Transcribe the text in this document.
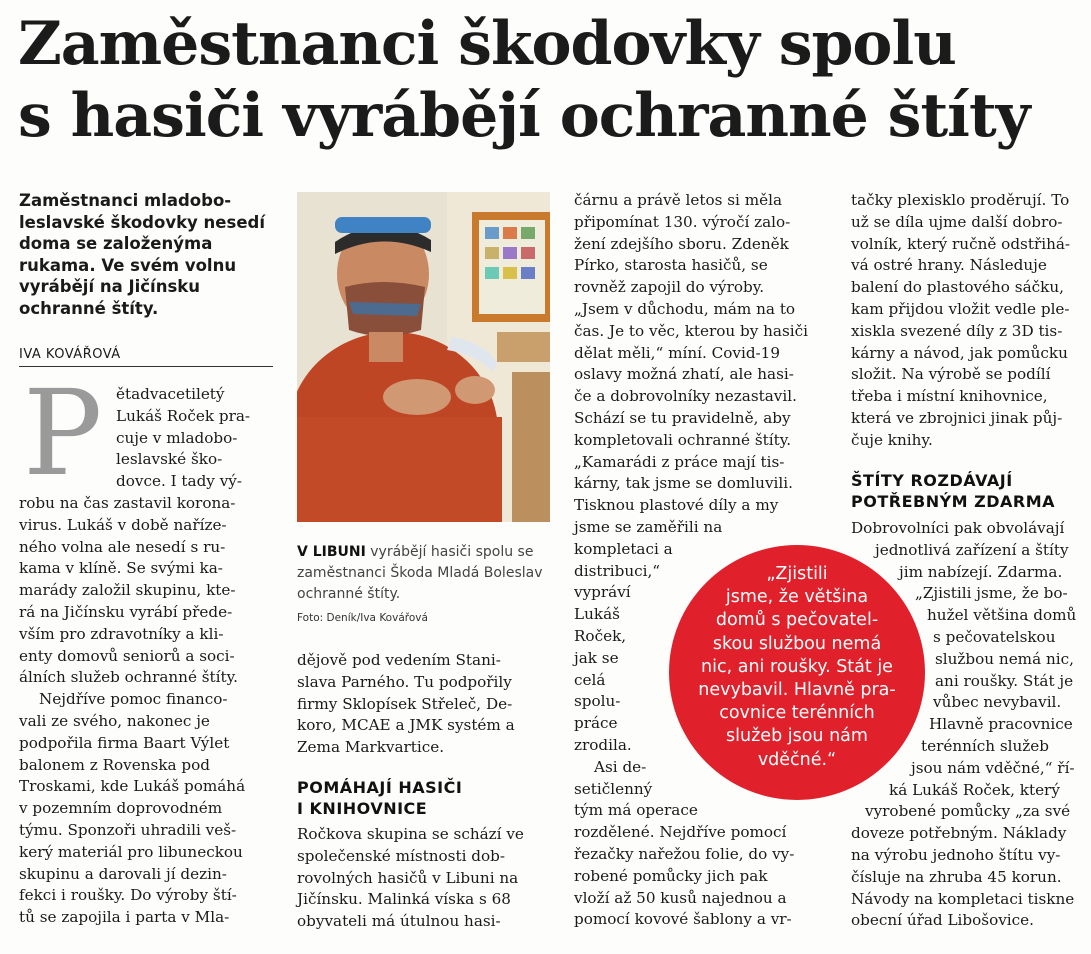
Zaměstnanci škodovky spolu
s hasiči vyrábějí ochranné štíty
Zaměstnanci mladobo-
leslavské škodovky nesedí
doma se založenýma
rukama. Ve svém volnu
vyrábějí na Jičínsku
ochranné štíty.
IVA KOVÁŘOVÁ
P ětadvacetiletý
Lukáš Roček pra-
cuje v mladobo-
leslavské ško-
dovce. I tady vý-
robu na čas zastavil korona-
virus. Lukáš v době naříze-
ného volna ale nesedí s ru-
kama v klíně. Se svými ka-
marády založil skupinu, kte-
rá na Jičínsku vyrábí přede-
vším pro zdravotníky a kli-
enty domovů seniorů a soci-
álních služeb ochranné štíty.
Nejdříve pomoc financo-
vali ze svého, nakonec je
podpořila firma Baart Výlet
balonem z Rovenska pod
Troskami, kde Lukáš pomáhá
v pozemním doprovodném
týmu. Sponzoři uhradili veš-
kerý materiál pro libuneckou
skupinu a darovali jí dezin-
fekci i roušky. Do výroby ští-
tů se zapojila i parta v Mla-
V LIBUNI vyrábějí hasiči spolu se zaměstnanci Škoda Mladá Boleslav ochranné štíty.
Foto: Deník/Iva Kovářová
dějově pod vedením Stani-
slava Parného. Tu podpořily
firmy Sklopísek Střeleč, De-
koro, MCAE a JMK systém a
Zema Markvartice.
POMÁHAJÍ HASIČI
I KNIHOVNICE
Ročkova skupina se schází ve
společenské místnosti dob-
rovolných hasičů v Libuni na
Jičínsku. Malinká víska s 68
obyvateli má útulnou hasi-
čárnu a právě letos si měla
připomínat 130. výročí zalo-
žení zdejšího sboru. Zdeněk
Pírko, starosta hasičů, se
rovněž zapojil do výroby.
„Jsem v důchodu, mám na to
čas. Je to věc, kterou by hasiči
dělat měli,“ míní. Covid-19
oslavy možná zhatí, ale hasi-
če a dobrovolníky nezastavil.
Schází se tu pravidelně, aby
kompletovali ochranné štíty.
„Kamarádi z práce mají tis-
kárny, tak jsme se domluvili.
Tisknou plastové díly a my
jsme se zaměřili na
kompletaci a
distribuci,“
vypráví
Lukáš
Roček,
jak se
celá
spolu-
práce
zrodila.
Asi de-
setičlenný
tým má operace
rozdělené. Nejdříve pomocí
řezačky nařežou folie, do vy-
robené pomůcky jich pak
vloží až 50 kusů najednou a
pomocí kovové šablony a vr-
tačky plexisklo proděrují. To
už se díla ujme další dobro-
volník, který ručně odstřihá-
vá ostré hrany. Následuje
balení do plastového sáčku,
kam přijdou vložit vedle ple-
xiskla svezené díly z 3D tis-
kárny a návod, jak pomůcku
složit. Na výrobě se podílí
třeba i místní knihovnice,
která ve zbrojnici jinak půj-
čuje knihy.
ŠTÍTY ROZDÁVAJÍ
POTŘEBNÝM ZDARMA
Dobrovolníci pak obvolávají
jednotlivá zařízení a štíty
jim nabízejí. Zdarma.
„Zjistili jsme, že bo-
hužel většina domů
s pečovatelskou
službou nemá nic,
ani roušky. Stát je
vůbec nevybavil.
Hlavně pracovnice
terénních služeb
jsou nám vděčné,“ ří-
ká Lukáš Roček, který
vyrobené pomůcky „za své
doveze potřebným. Náklady
na výrobu jednoho štítu vy-
čísluje na zhruba 45 korun.
Návody na kompletaci tiskne
obecní úřad Libošovice.
„Zjistili
jsme, že většina
domů s pečovatel-
skou službou nemá
nic, ani roušky. Stát je
nevybavil. Hlavně pra-
covnice terénních
služeb jsou nám
vděčné.“
